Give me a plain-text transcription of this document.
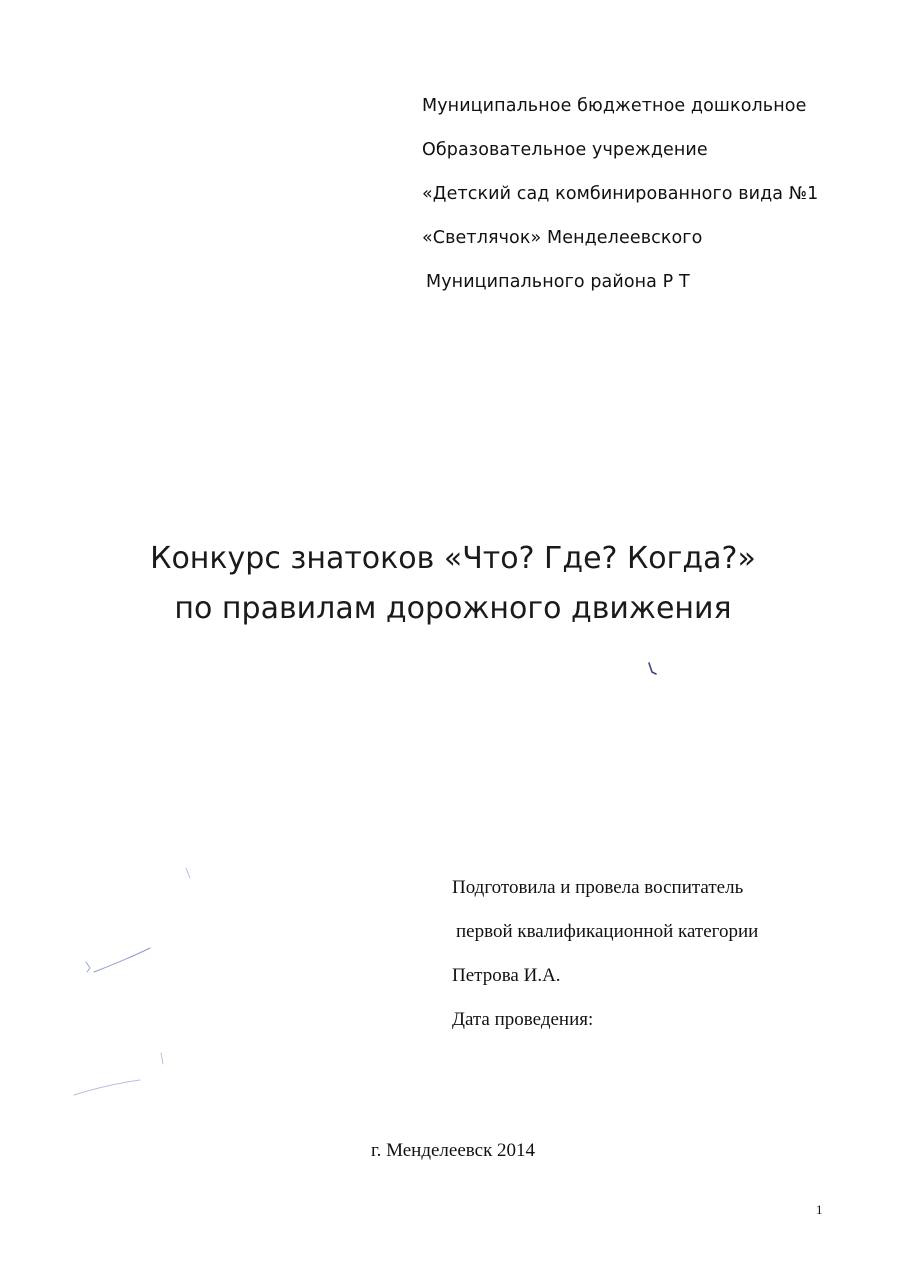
Муниципальное бюджетное дошкольное
Образовательное учреждение
«Детский сад комбинированного вида №1
«Светлячок» Менделеевского
Муниципального района Р Т
Конкурс знатоков «Что? Где? Когда?»
по правилам дорожного движения
Подготовила и провела воспитатель
первой квалификационной категории
Петрова И.А.
Дата проведения:
г. Менделеевск 2014
1
